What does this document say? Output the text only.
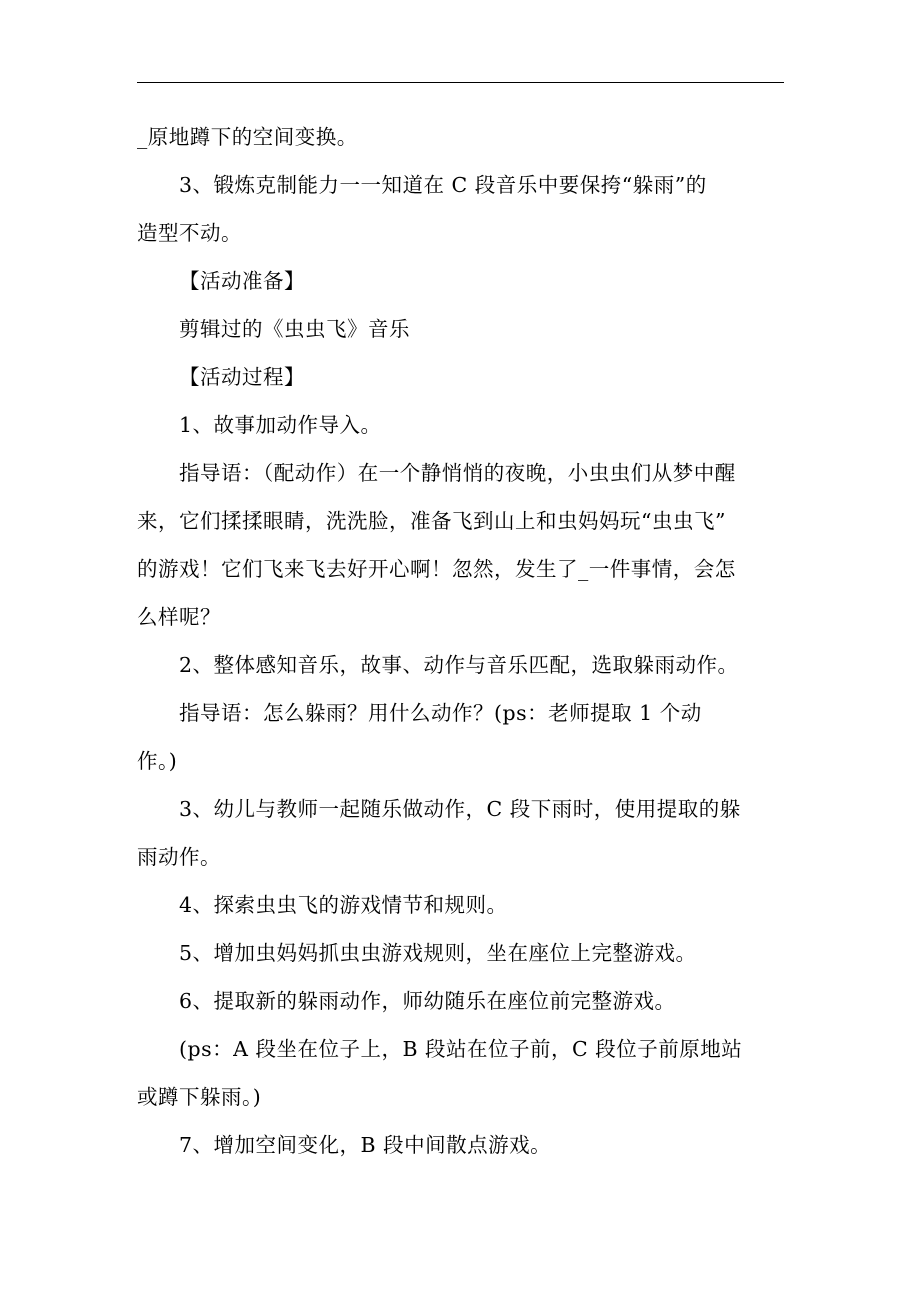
_原地蹲下的空间变换。

3、锻炼克制能力一一知道在 C 段音乐中要保挎“躲雨”的
造型不动。

【活动准备】

剪辑过的《虫虫飞》音乐

【活动过程】

1、故事加动作导入。

指导语：（配动作）在一个静悄悄的夜晚，小虫虫们从梦中醒
来，它们揉揉眼睛，洗洗脸，准备飞到山上和虫妈妈玩“虫虫飞”
的游戏！它们飞来飞去好开心啊！忽然，发生了_一件事情，会怎
么样呢？

2、整体感知音乐，故事、动作与音乐匹配，选取躲雨动作。

指导语：怎么躲雨？用什么动作？(ps：老师提取 1 个动
作。)

3、幼儿与教师一起随乐做动作，C 段下雨时，使用提取的躲
雨动作。

4、探索虫虫飞的游戏情节和规则。

5、增加虫妈妈抓虫虫游戏规则，坐在座位上完整游戏。

6、提取新的躲雨动作，师幼随乐在座位前完整游戏。

(ps：A 段坐在位子上，B 段站在位子前，C 段位子前原地站
或蹲下躲雨。)

7、增加空间变化，B 段中间散点游戏。
